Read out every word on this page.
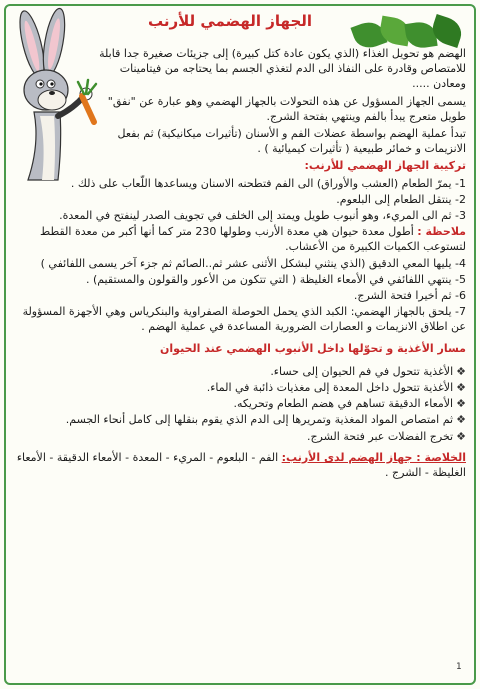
الجهاز الهضمي للأرنب

الهضم هو تحويل الغذاء (الذي يكون عادة كتل كبيرة) إلى جزيئات صغيرة جدا قابلة للامتصاص وقادرة على النفاذ الى الدم لتغذي الجسم بما يحتاجه من فيتامينات ومعادن .....

يسمى الجهاز المسؤول عن هذه التحولات بالجهاز الهضمي وهو عبارة عن "نفق" طويل متعرج يبدأ بالفم وينتهي بفتحة الشرج.

تبدأ عملية الهضم بواسطة عضلات الفم و الأسنان (تأثيرات ميكانيكية) ثم بفعل الانزيمات و خمائر طبيعية ( تأثيرات كيميائية ) .

تركيبة الجهاز الهضمي للأرنب:
1- يمرّ الطعام (العشب والأوراق) الى الفم فتطحنه الاسنان ويساعدها اللّعاب على ذلك .
2- ينتقل الطعام إلى البلعوم.
3- ثم الى المريء، وهو أنبوب طويل ويمتد إلى الخلف في تجويف الصدر لينفتح في المعدة.
ملاحظة : أطول معدة حيوان هي معدة الأرنب وطولها 230 متر كما أنها أكبر من معدة القطط لتستوعب الكميات الكبيرة من الأعشاب.
4- يليها المعي الدقيق (الذي ينثني لبشكل الأثنى عشر ثم..الصائم ثم جزء آخر يسمى اللفائفي )
5- ينتهي اللفائفي في الأمعاء الغليظة ( التي تتكون من الأعور والقولون والمستقيم) .
6- ثم أخيرا فتحة الشرج.
7- يلحق بالجهاز الهضمي: الكبد الذي يحمل الحوصلة الصفراوية والبنكرياس وهي الأجهزة المسؤولة عن اطلاق الانزيمات و العصارات الضرورية المساعدة في عملية الهضم .
مسار الأغذية و تحوّلها داخل الأنبوب الهضمي عند الحيوان
❖الأغذية تتحول في فم الحيوان إلى حساء.
❖الأغذية تتحول داخل المعدة إلى مغذيات ذائبة في الماء.
❖الأمعاء الدقيقة تساهم في هضم الطعام وتحريكه.
❖ثم امتصاص المواد المغذية وتمريرها إلى الدم الذي يقوم بنقلها إلى كامل أنحاء الجسم.
❖تخرج الفضلات عبر فتحة الشرج.
الخلاصة : جهاز الهضم لدى الأرنب: الفم - البلعوم - المريء - المعدة - الأمعاء الدقيقة - الأمعاء الغليظة - الشرج .
1
